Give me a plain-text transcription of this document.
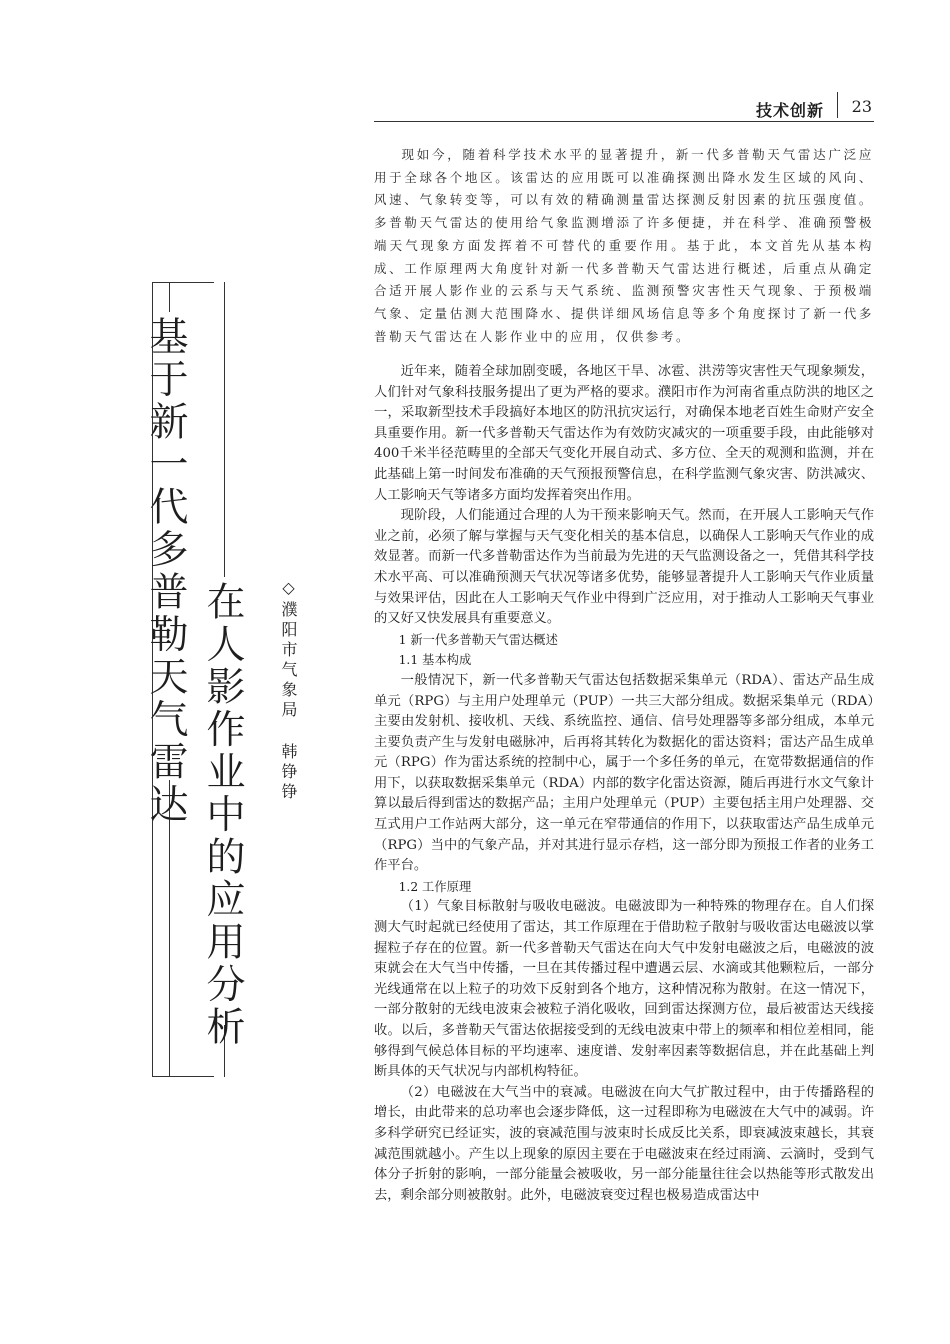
技术创新 23
基于新一代多普勒天气雷达 在人影作业中的应用分析 ◇濮阳市气象局韩铮铮
现如今，随着科学技术水平的显著提升，新一代多普勒天气雷达广泛应用于全球各个地区。该雷达的应用既可以准确探测出降水发生区域的风向、风速、气象转变等，可以有效的精确测量雷达探测反射因素的抗压强度值。多普勒天气雷达的使用给气象监测增添了许多便捷，并在科学、准确预警极端天气现象方面发挥着不可替代的重要作用。基于此，本文首先从基本构成、工作原理两大角度针对新一代多普勒天气雷达进行概述，后重点从确定合适开展人影作业的云系与天气系统、监测预警灾害性天气现象、于预极端气象、定量估测大范围降水、提供详细风场信息等多个角度探讨了新一代多普勒天气雷达在人影作业中的应用，仅供参考。

近年来，随着全球加剧变暖，各地区干旱、冰雹、洪涝等灾害性天气现象频发，人们针对气象科技服务提出了更为严格的要求。濮阳市作为河南省重点防洪的地区之一，采取新型技术手段搞好本地区的防汛抗灾运行，对确保本地老百姓生命财产安全具重要作用。新一代多普勒天气雷达作为有效防灾减灾的一项重要手段，由此能够对400千米半径范畴里的全部天气变化开展自动式、多方位、全天的观测和监测，并在此基础上第一时间发布准确的天气预报预警信息，在科学监测气象灾害、防洪减灾、人工影响天气等诸多方面均发挥着突出作用。

现阶段，人们能通过合理的人为干预来影响天气。然而，在开展人工影响天气作业之前，必须了解与掌握与天气变化相关的基本信息，以确保人工影响天气作业的成效显著。而新一代多普勒雷达作为当前最为先进的天气监测设备之一，凭借其科学技术水平高、可以准确预测天气状况等诸多优势，能够显著提升人工影响天气作业质量与效果评估，因此在人工影响天气作业中得到广泛应用，对于推动人工影响天气事业的又好又快发展具有重要意义。

1 新一代多普勒天气雷达概述

1.1 基本构成

一般情况下，新一代多普勒天气雷达包括数据采集单元（RDA）、雷达产品生成单元（RPG）与主用户处理单元（PUP）一共三大部分组成。数据采集单元（RDA）主要由发射机、接收机、天线、系统监控、通信、信号处理器等多部分组成，本单元主要负责产生与发射电磁脉冲，后再将其转化为数据化的雷达资料；雷达产品生成单元（RPG）作为雷达系统的控制中心，属于一个多任务的单元，在宽带数据通信的作用下，以获取数据采集单元（RDA）内部的数字化雷达资源，随后再进行水文气象计算以最后得到雷达的数据产品；主用户处理单元（PUP）主要包括主用户处理器、交互式用户工作站两大部分，这一单元在窄带通信的作用下，以获取雷达产品生成单元（RPG）当中的气象产品，并对其进行显示存档，这一部分即为预报工作者的业务工作平台。

1.2 工作原理

（1）气象目标散射与吸收电磁波。电磁波即为一种特殊的物理存在。自人们探测大气时起就已经使用了雷达，其工作原理在于借助粒子散射与吸收雷达电磁波以掌握粒子存在的位置。新一代多普勒天气雷达在向大气中发射电磁波之后，电磁波的波束就会在大气当中传播，一旦在其传播过程中遭遇云层、水滴或其他颗粒后，一部分光线通常在以上粒子的功效下反射到各个地方，这种情况称为散射。在这一情况下，一部分散射的无线电波束会被粒子消化吸收，回到雷达探测方位，最后被雷达天线接收。以后，多普勒天气雷达依据接受到的无线电波束中带上的频率和相位差相同，能够得到气候总体目标的平均速率、速度谱、发射率因素等数据信息，并在此基础上判断具体的天气状况与内部机构特征。

（2）电磁波在大气当中的衰减。电磁波在向大气扩散过程中，由于传播路程的增长，由此带来的总功率也会逐步降低，这一过程即称为电磁波在大气中的减弱。许多科学研究已经证实，波的衰减范围与波束时长成反比关系，即衰减波束越长，其衰减范围就越小。产生以上现象的原因主要在于电磁波束在经过雨滴、云滴时，受到气体分子折射的影响，一部分能量会被吸收，另一部分能量往往会以热能等形式散发出去，剩余部分则被散射。此外，电磁波衰变过程也极易造成雷达中
